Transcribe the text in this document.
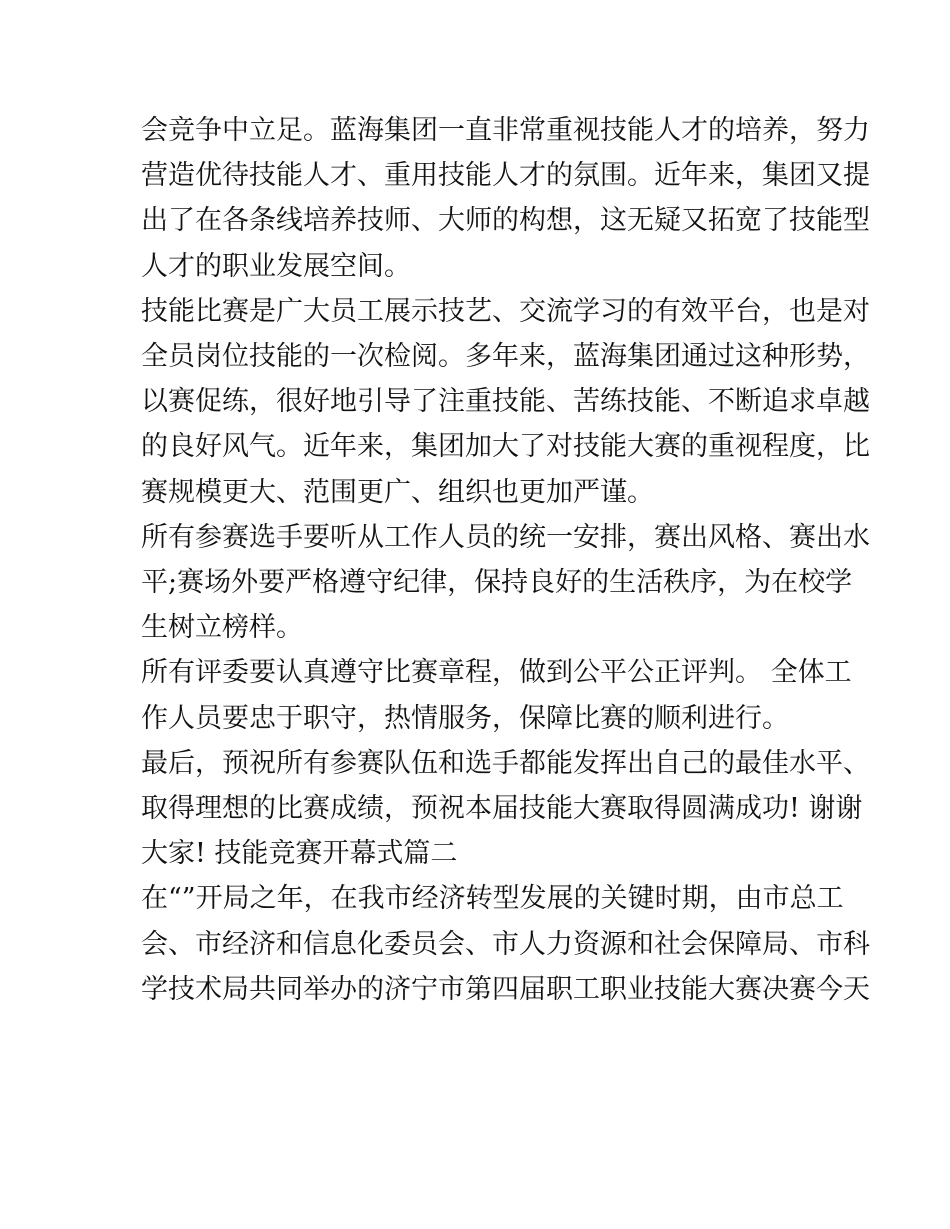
会竞争中立足。蓝海集团一直非常重视技能人才的培养，努力

营造优待技能人才、重用技能人才的氛围。近年来，集团又提

出了在各条线培养技师、大师的构想，这无疑又拓宽了技能型

人才的职业发展空间。

技能比赛是广大员工展示技艺、交流学习的有效平台，也是对

全员岗位技能的一次检阅。多年来，蓝海集团通过这种形势，

以赛促练，很好地引导了注重技能、苦练技能、不断追求卓越

的良好风气。近年来，集团加大了对技能大赛的重视程度，比

赛规模更大、范围更广、组织也更加严谨。

所有参赛选手要听从工作人员的统一安排，赛出风格、赛出水

平;赛场外要严格遵守纪律，保持良好的生活秩序，为在校学

生树立榜样。

所有评委要认真遵守比赛章程，做到公平公正评判。 全体工

作人员要忠于职守，热情服务，保障比赛的顺利进行。

最后，预祝所有参赛队伍和选手都能发挥出自己的最佳水平、

取得理想的比赛成绩，预祝本届技能大赛取得圆满成功! 谢谢

大家! 技能竞赛开幕式篇二

在“”开局之年，在我市经济转型发展的关键时期，由市总工

会、市经济和信息化委员会、市人力资源和社会保障局、市科

学技术局共同举办的济宁市第四届职工职业技能大赛决赛今天
